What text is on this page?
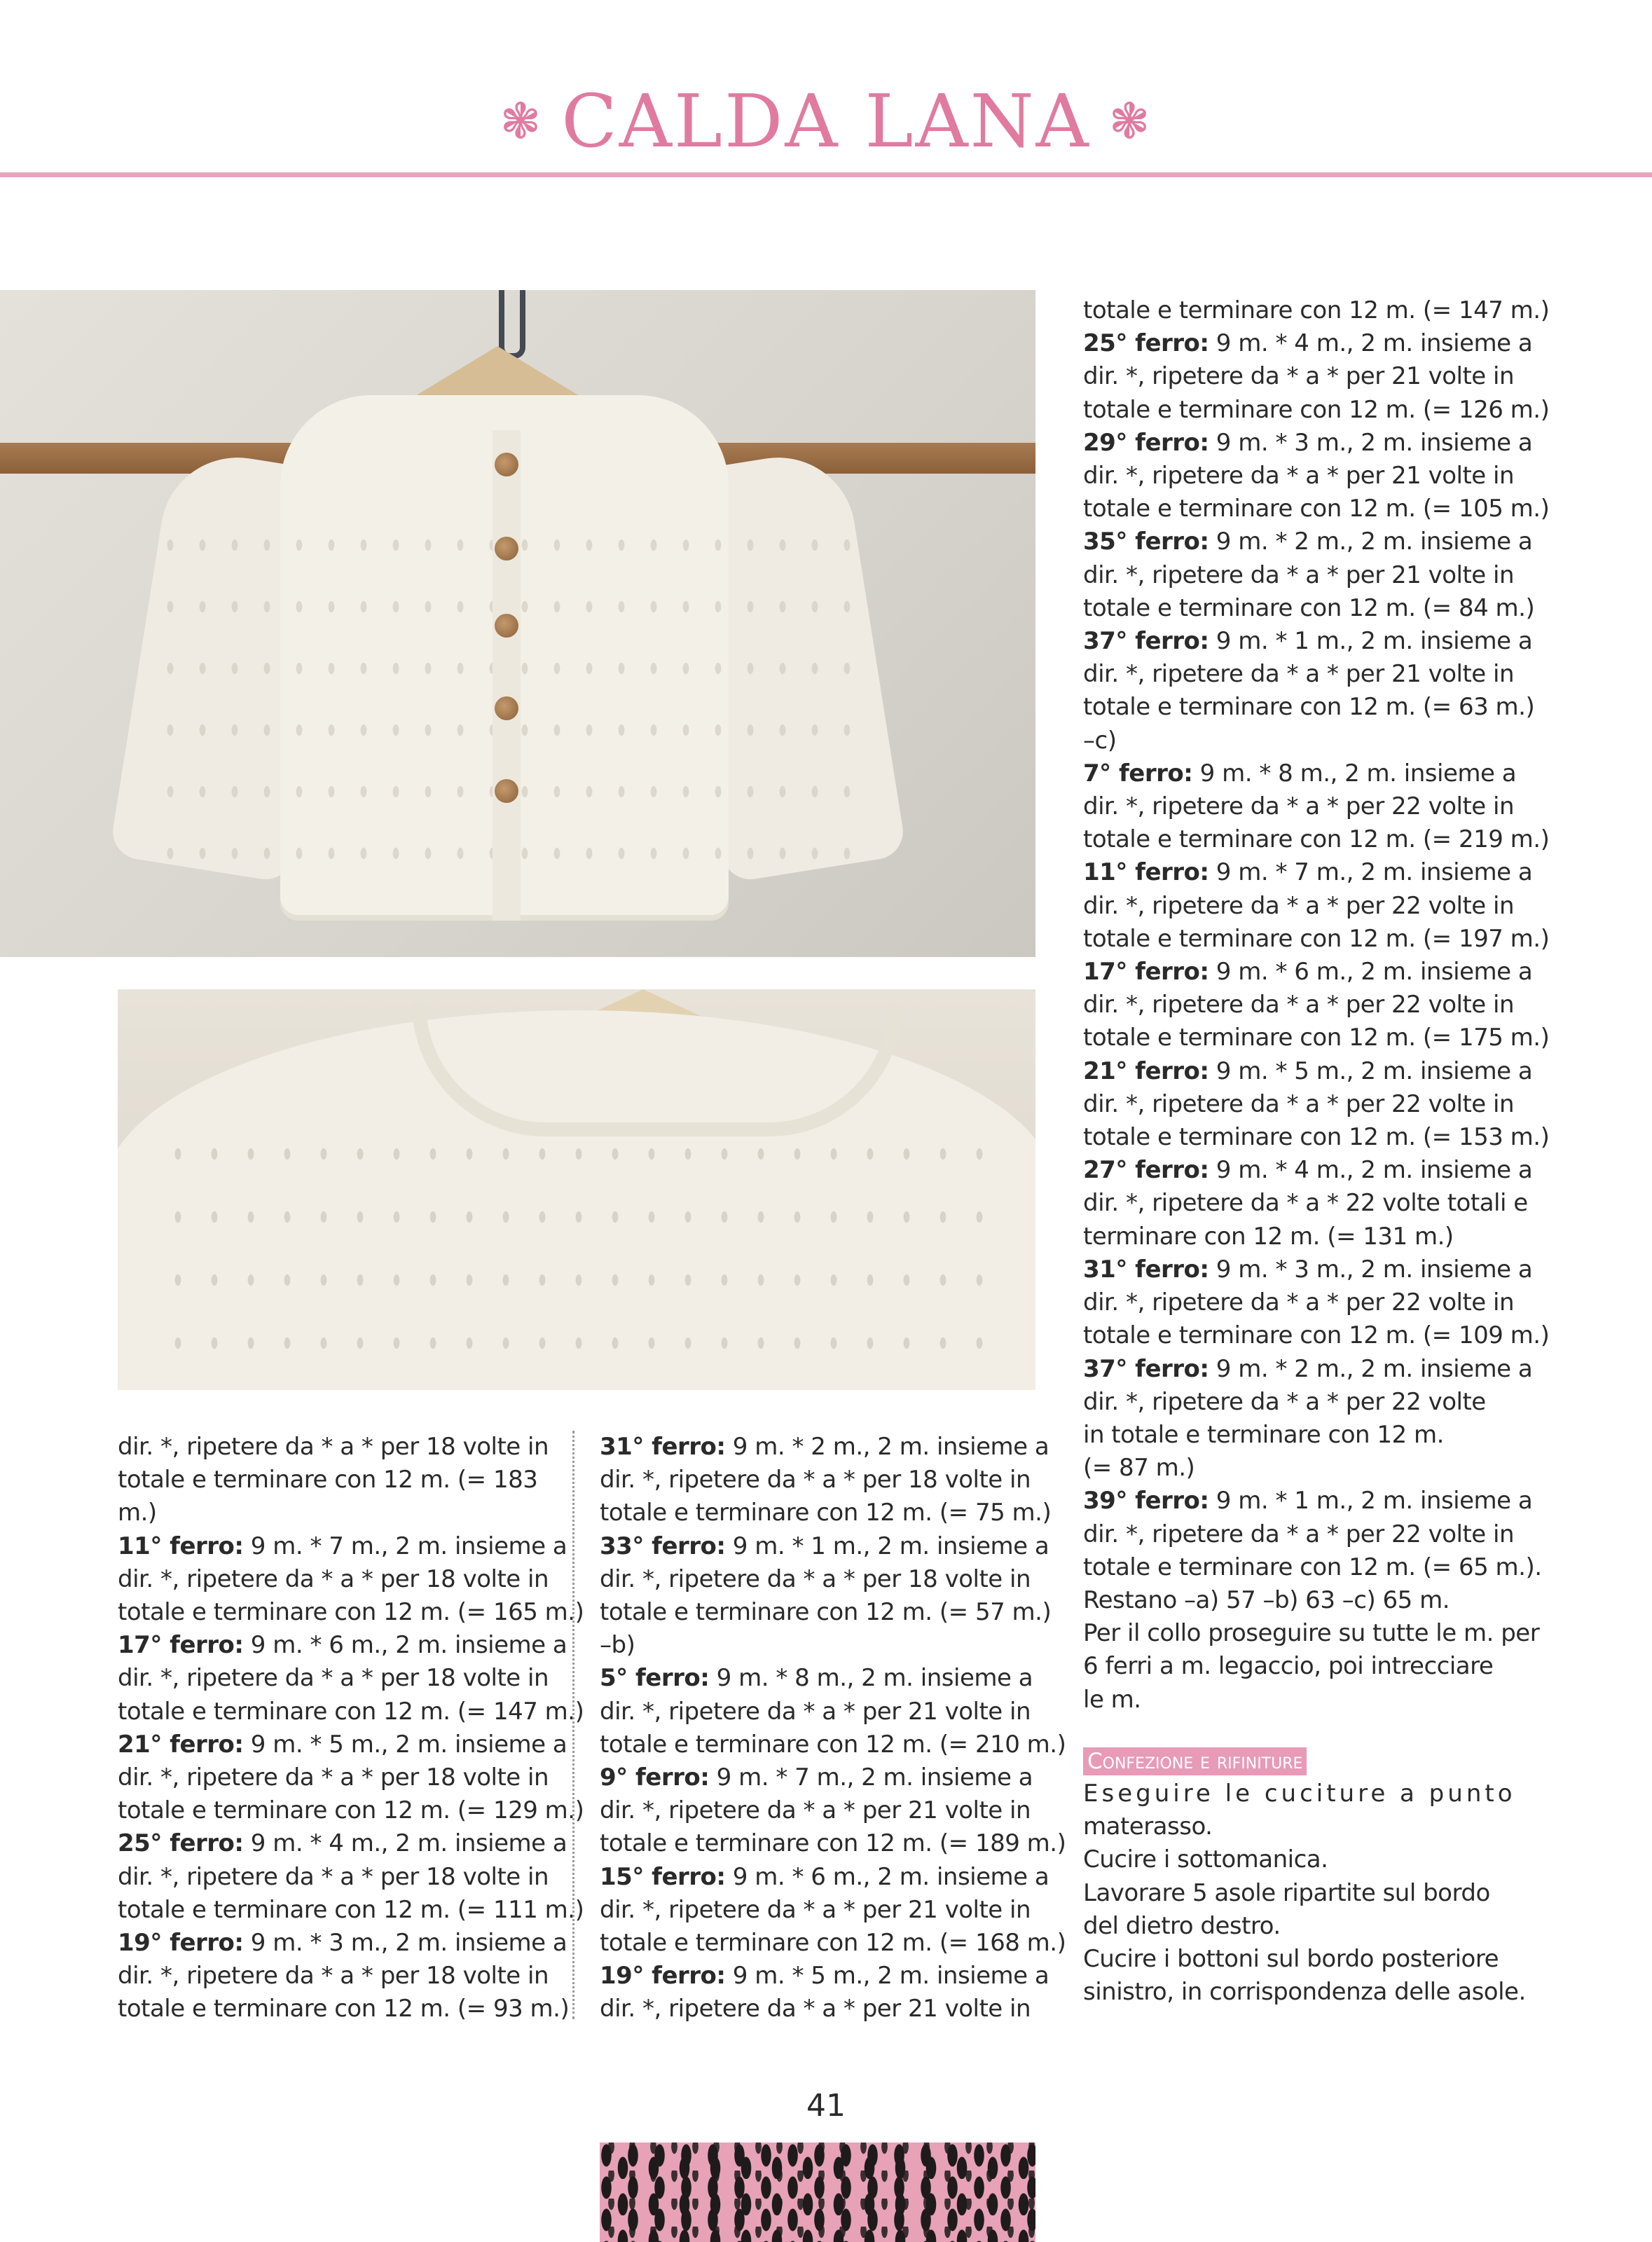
❃ CALDA LANA ❃

dir. *, ripetere da * a * per 18 volte in

totale e terminare con 12 m. (= 183

m.)

11° ferro: 9 m. * 7 m., 2 m. insieme a

dir. *, ripetere da * a * per 18 volte in

totale e terminare con 12 m. (= 165 m.)

17° ferro: 9 m. * 6 m., 2 m. insieme a

dir. *, ripetere da * a * per 18 volte in

totale e terminare con 12 m. (= 147 m.)

21° ferro: 9 m. * 5 m., 2 m. insieme a

dir. *, ripetere da * a * per 18 volte in

totale e terminare con 12 m. (= 129 m.)

25° ferro: 9 m. * 4 m., 2 m. insieme a

dir. *, ripetere da * a * per 18 volte in

totale e terminare con 12 m. (= 111 m.)

19° ferro: 9 m. * 3 m., 2 m. insieme a

dir. *, ripetere da * a * per 18 volte in

totale e terminare con 12 m. (= 93 m.)

31° ferro: 9 m. * 2 m., 2 m. insieme a

dir. *, ripetere da * a * per 18 volte in

totale e terminare con 12 m. (= 75 m.)

33° ferro: 9 m. * 1 m., 2 m. insieme a

dir. *, ripetere da * a * per 18 volte in

totale e terminare con 12 m. (= 57 m.)

–b)

5° ferro: 9 m. * 8 m., 2 m. insieme a

dir. *, ripetere da * a * per 21 volte in

totale e terminare con 12 m. (= 210 m.)

9° ferro: 9 m. * 7 m., 2 m. insieme a

dir. *, ripetere da * a * per 21 volte in

totale e terminare con 12 m. (= 189 m.)

15° ferro: 9 m. * 6 m., 2 m. insieme a

dir. *, ripetere da * a * per 21 volte in

totale e terminare con 12 m. (= 168 m.)

19° ferro: 9 m. * 5 m., 2 m. insieme a

dir. *, ripetere da * a * per 21 volte in

totale e terminare con 12 m. (= 147 m.)

25° ferro: 9 m. * 4 m., 2 m. insieme a

dir. *, ripetere da * a * per 21 volte in

totale e terminare con 12 m. (= 126 m.)

29° ferro: 9 m. * 3 m., 2 m. insieme a

dir. *, ripetere da * a * per 21 volte in

totale e terminare con 12 m. (= 105 m.)

35° ferro: 9 m. * 2 m., 2 m. insieme a

dir. *, ripetere da * a * per 21 volte in

totale e terminare con 12 m. (= 84 m.)

37° ferro: 9 m. * 1 m., 2 m. insieme a

dir. *, ripetere da * a * per 21 volte in

totale e terminare con 12 m. (= 63 m.)

–c)

7° ferro: 9 m. * 8 m., 2 m. insieme a

dir. *, ripetere da * a * per 22 volte in

totale e terminare con 12 m. (= 219 m.)

11° ferro: 9 m. * 7 m., 2 m. insieme a

dir. *, ripetere da * a * per 22 volte in

totale e terminare con 12 m. (= 197 m.)

17° ferro: 9 m. * 6 m., 2 m. insieme a

dir. *, ripetere da * a * per 22 volte in

totale e terminare con 12 m. (= 175 m.)

21° ferro: 9 m. * 5 m., 2 m. insieme a

dir. *, ripetere da * a * per 22 volte in

totale e terminare con 12 m. (= 153 m.)

27° ferro: 9 m. * 4 m., 2 m. insieme a

dir. *, ripetere da * a * 22 volte totali e

terminare con 12 m. (= 131 m.)

31° ferro: 9 m. * 3 m., 2 m. insieme a

dir. *, ripetere da * a * per 22 volte in

totale e terminare con 12 m. (= 109 m.)

37° ferro: 9 m. * 2 m., 2 m. insieme a

dir. *, ripetere da * a * per 22 volte

in totale e terminare con 12 m.

(= 87 m.)

39° ferro: 9 m. * 1 m., 2 m. insieme a

dir. *, ripetere da * a * per 22 volte in

totale e terminare con 12 m. (= 65 m.).

Restano –a) 57 –b) 63 –c) 65 m.

Per il collo proseguire su tutte le m. per

6 ferri a m. legaccio, poi intrecciare

le m.

Confezione e rifiniture

Eseguire le cuciture a punto

materasso.

Cucire i sottomanica.

Lavorare 5 asole ripartite sul bordo

del dietro destro.

Cucire i bottoni sul bordo posteriore

sinistro, in corrispondenza delle asole.

41
